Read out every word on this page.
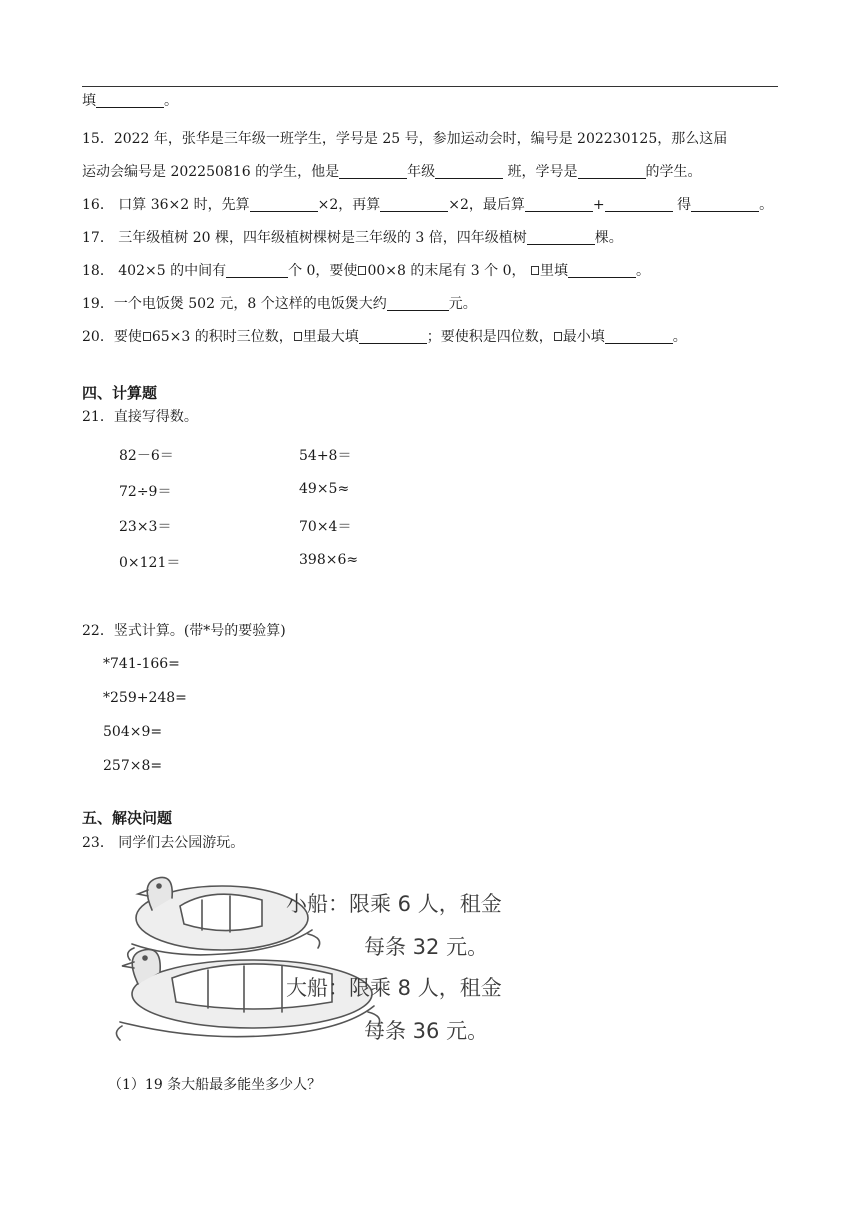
填	。
15．2022 年，张华是三年级一班学生，学号是 25 号，参加运动会时，编号是 202230125，那么这届
运动会编号是 202250816 的学生，他是	年级	班，学号是	的学生。
16． 口算 36×2 时，先算	×2，再算	×2，最后算	+	得	。
17． 三年级植树 20 棵，四年级植树棵树是三年级的 3 倍，四年级植树	棵。
18． 402×5 的中间有	个 0，要使 00×8 的末尾有 3 个 0， 里填	。
19．一个电饭煲 502 元，8 个这样的电饭煲大约	元。
20．要使 65×3 的积时三位数， 里最大填	；要使积是四位数， 最小填	。
四、计算题
21．直接写得数。
82－6＝	54+8＝
72÷9＝	49×5≈
23×3＝	70×4＝
0×121＝	398×6≈
22．竖式计算。(带*号的要验算)
*741-166=
*259+248=
504×9=
257×8=
五、解决问题
23． 同学们去公园游玩。
小船：限乘 6 人，租金
每条 32 元。
大船：限乘 8 人，租金
每条 36 元。
（1）19 条大船最多能坐多少人？
